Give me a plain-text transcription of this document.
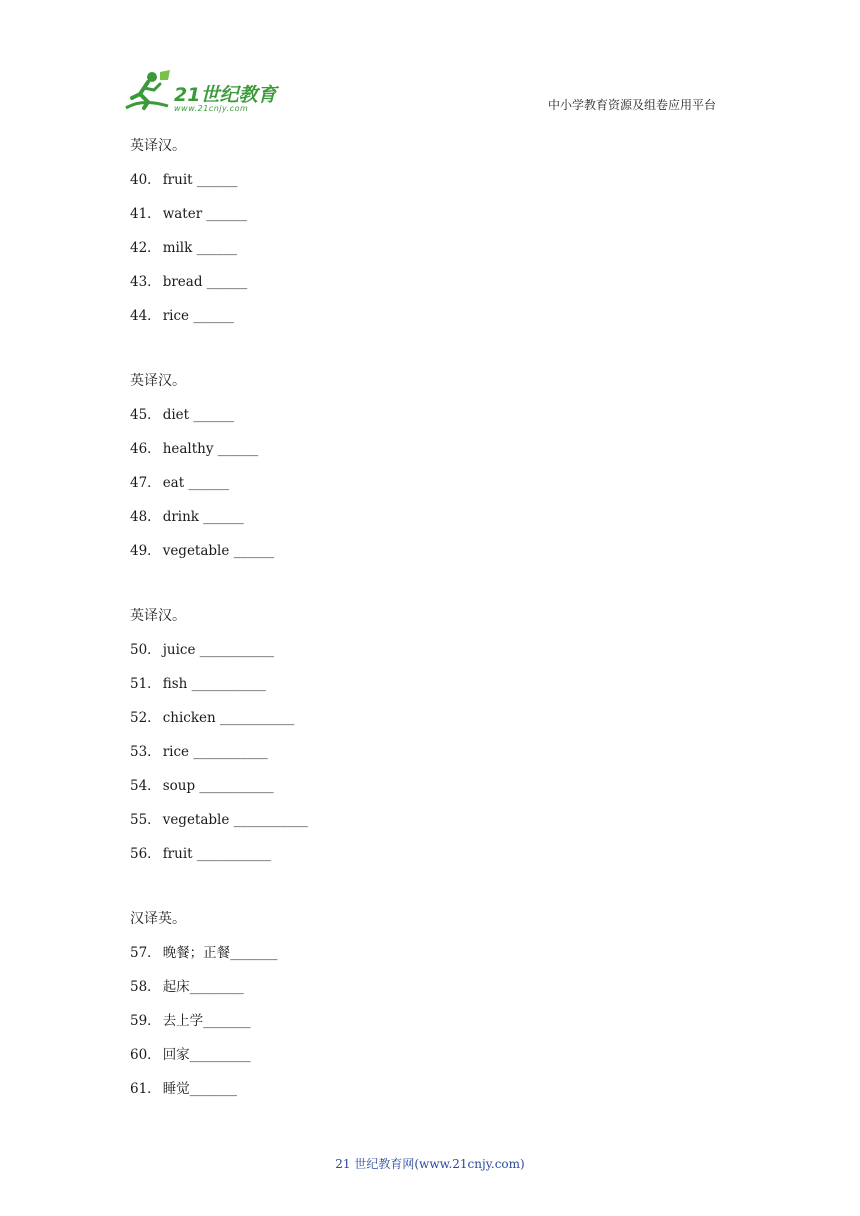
21世纪教育
www.21cnjy.com	中小学教育资源及组卷应用平台
英译汉。
40． fruit ______
41． water ______
42． milk ______
43． bread ______
44． rice ______
英译汉。
45． diet ______
46． healthy ______
47． eat ______
48． drink ______
49． vegetable ______
英译汉。
50． juice ___________
51． fish ___________
52． chicken ___________
53． rice ___________
54． soup ___________
55． vegetable ___________
56． fruit ___________
汉译英。
57． 晚餐；正餐_______
58． 起床________
59． 去上学_______
60． 回家_________
61． 睡觉_______
21 世纪教育网(www.21cnjy.com)
